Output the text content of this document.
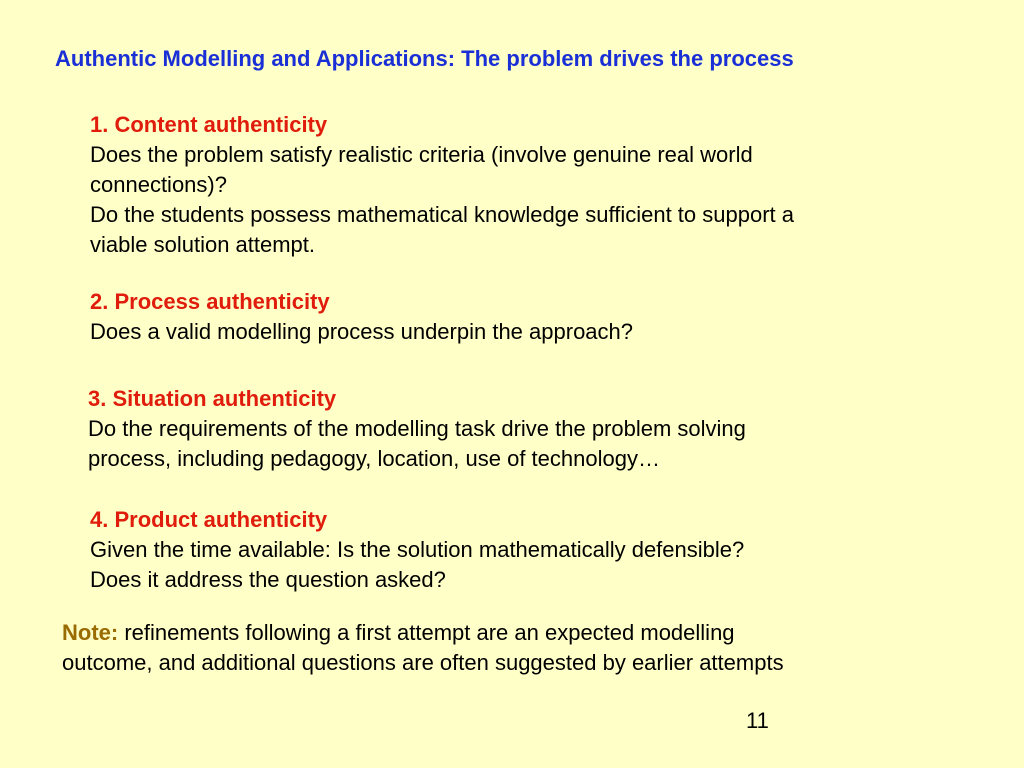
Authentic Modelling and Applications: The problem drives the process
1. Content authenticity
Does the problem satisfy realistic criteria (involve genuine real world
connections)?
Do the students possess mathematical knowledge sufficient to support a
viable solution attempt.
2. Process authenticity
Does a valid modelling process underpin the approach?
3. Situation authenticity
Do the requirements of the modelling task drive the problem solving
process, including pedagogy, location, use of technology…
4. Product authenticity
Given the time available: Is the solution mathematically defensible?
Does it address the question asked?
Note: refinements following a first attempt are an expected modelling
outcome, and additional questions are often suggested by earlier attempts
11
